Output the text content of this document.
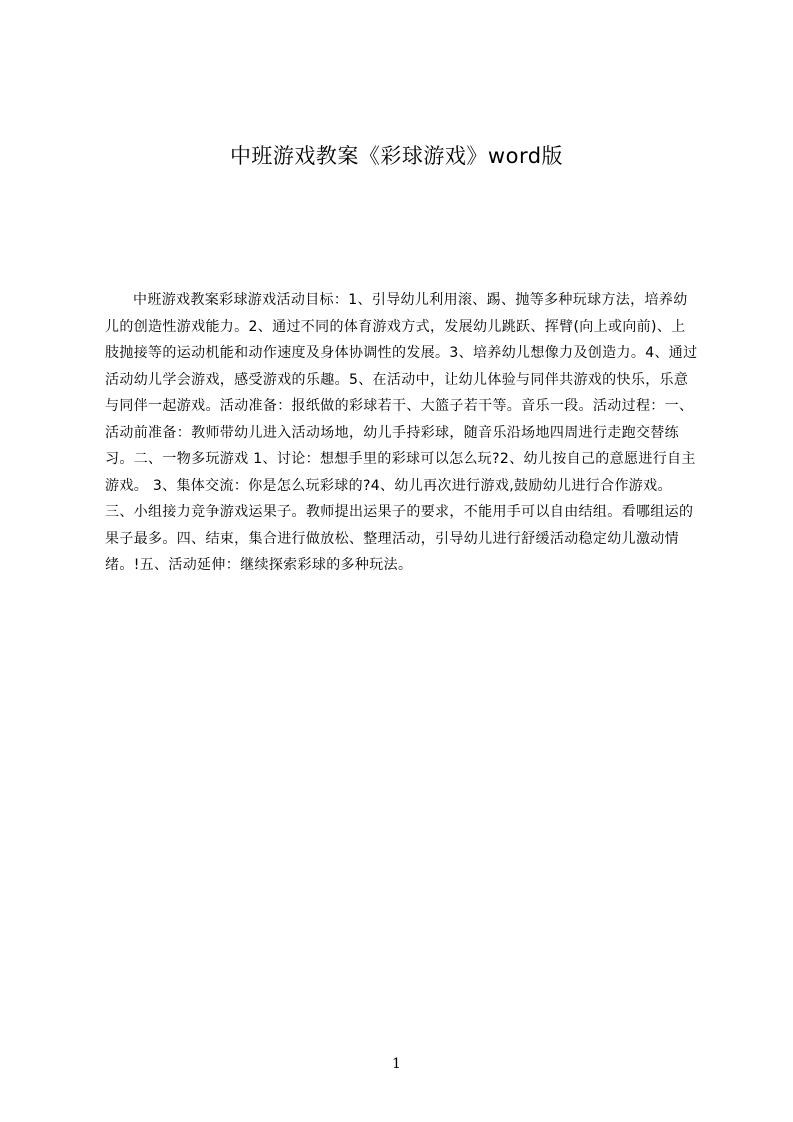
中班游戏教案《彩球游戏》word版
中班游戏教案彩球游戏活动目标：1、引导幼儿利用滚、踢、抛等多种玩球方法，培养幼儿的创造性游戏能力。2、通过不同的体育游戏方式，发展幼儿跳跃、挥臂(向上或向前)、上肢抛接等的运动机能和动作速度及身体协调性的发展。3、培养幼儿想像力及创造力。4、通过活动幼儿学会游戏，感受游戏的乐趣。5、在活动中，让幼儿体验与同伴共游戏的快乐，乐意与同伴一起游戏。活动准备：报纸做的彩球若干、大篮子若干等。音乐一段。活动过程：一、活动前准备：教师带幼儿进入活动场地，幼儿手持彩球，随音乐沿场地四周进行走跑交替练习。二、一物多玩游戏 1、讨论：想想手里的彩球可以怎么玩?2、幼儿按自己的意愿进行自主游戏。 3、集体交流：你是怎么玩彩球的?4、幼儿再次进行游戏,鼓励幼儿进行合作游戏。 三、小组接力竞争游戏运果子。教师提出运果子的要求，不能用手可以自由结组。看哪组运的果子最多。四、结束，集合进行做放松、整理活动，引导幼儿进行舒缓活动稳定幼儿激动情绪。!五、活动延伸：继续探索彩球的多种玩法。
1
